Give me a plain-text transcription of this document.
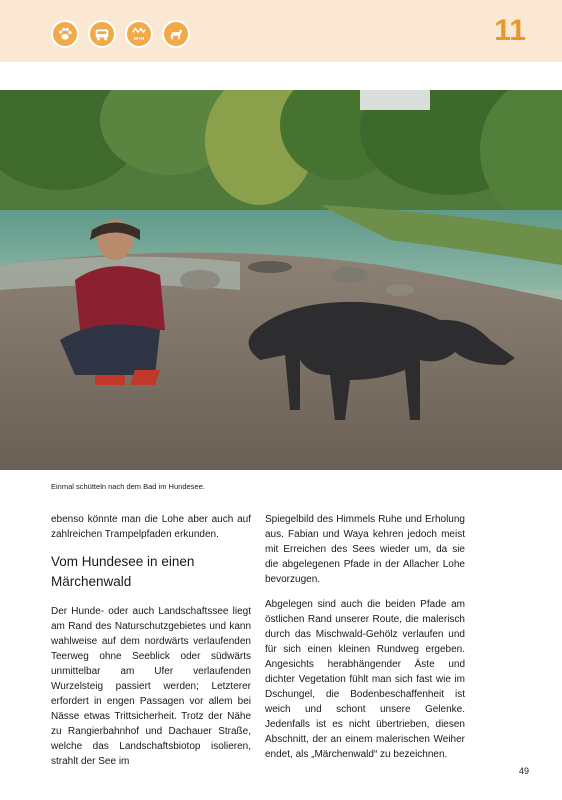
M+H	11
Einmal schütteln nach dem Bad im Hundesee.

ebenso könnte man die Lohe aber auch auf zahlreichen Trampelpfaden erkunden.

Vom Hundesee in einen Märchenwald

Der Hunde- oder auch Landschaftssee liegt am Rand des Naturschutzgebietes und kann wahlweise auf dem nordwärts verlaufenden Teerweg ohne Seeblick oder südwärts unmittelbar am Ufer verlaufenden Wurzelsteig passiert werden; Letzterer erfordert in engen Passagen vor allem bei Nässe etwas Trittsicherheit. Trotz der Nähe zu Rangierbahnhof und Dachauer Straße, welche das Landschaftsbiotop isolieren, strahlt der See im

Spiegelbild des Himmels Ruhe und Erholung aus. Fabian und Waya kehren jedoch meist mit Erreichen des Sees wieder um, da sie die abgelegenen Pfade in der Allacher Lohe bevorzugen.

Abgelegen sind auch die beiden Pfade am östlichen Rand unserer Route, die malerisch durch das Mischwald-Gehölz verlaufen und für sich einen kleinen Rundweg ergeben. Angesichts herabhängender Äste und dichter Vegetation fühlt man sich fast wie im Dschungel, die Bodenbeschaffenheit ist weich und schont unsere Gelenke. Jedenfalls ist es nicht übertrieben, diesen Abschnitt, der an einem malerischen Weiher endet, als „Märchenwald“ zu bezeichnen.

49
